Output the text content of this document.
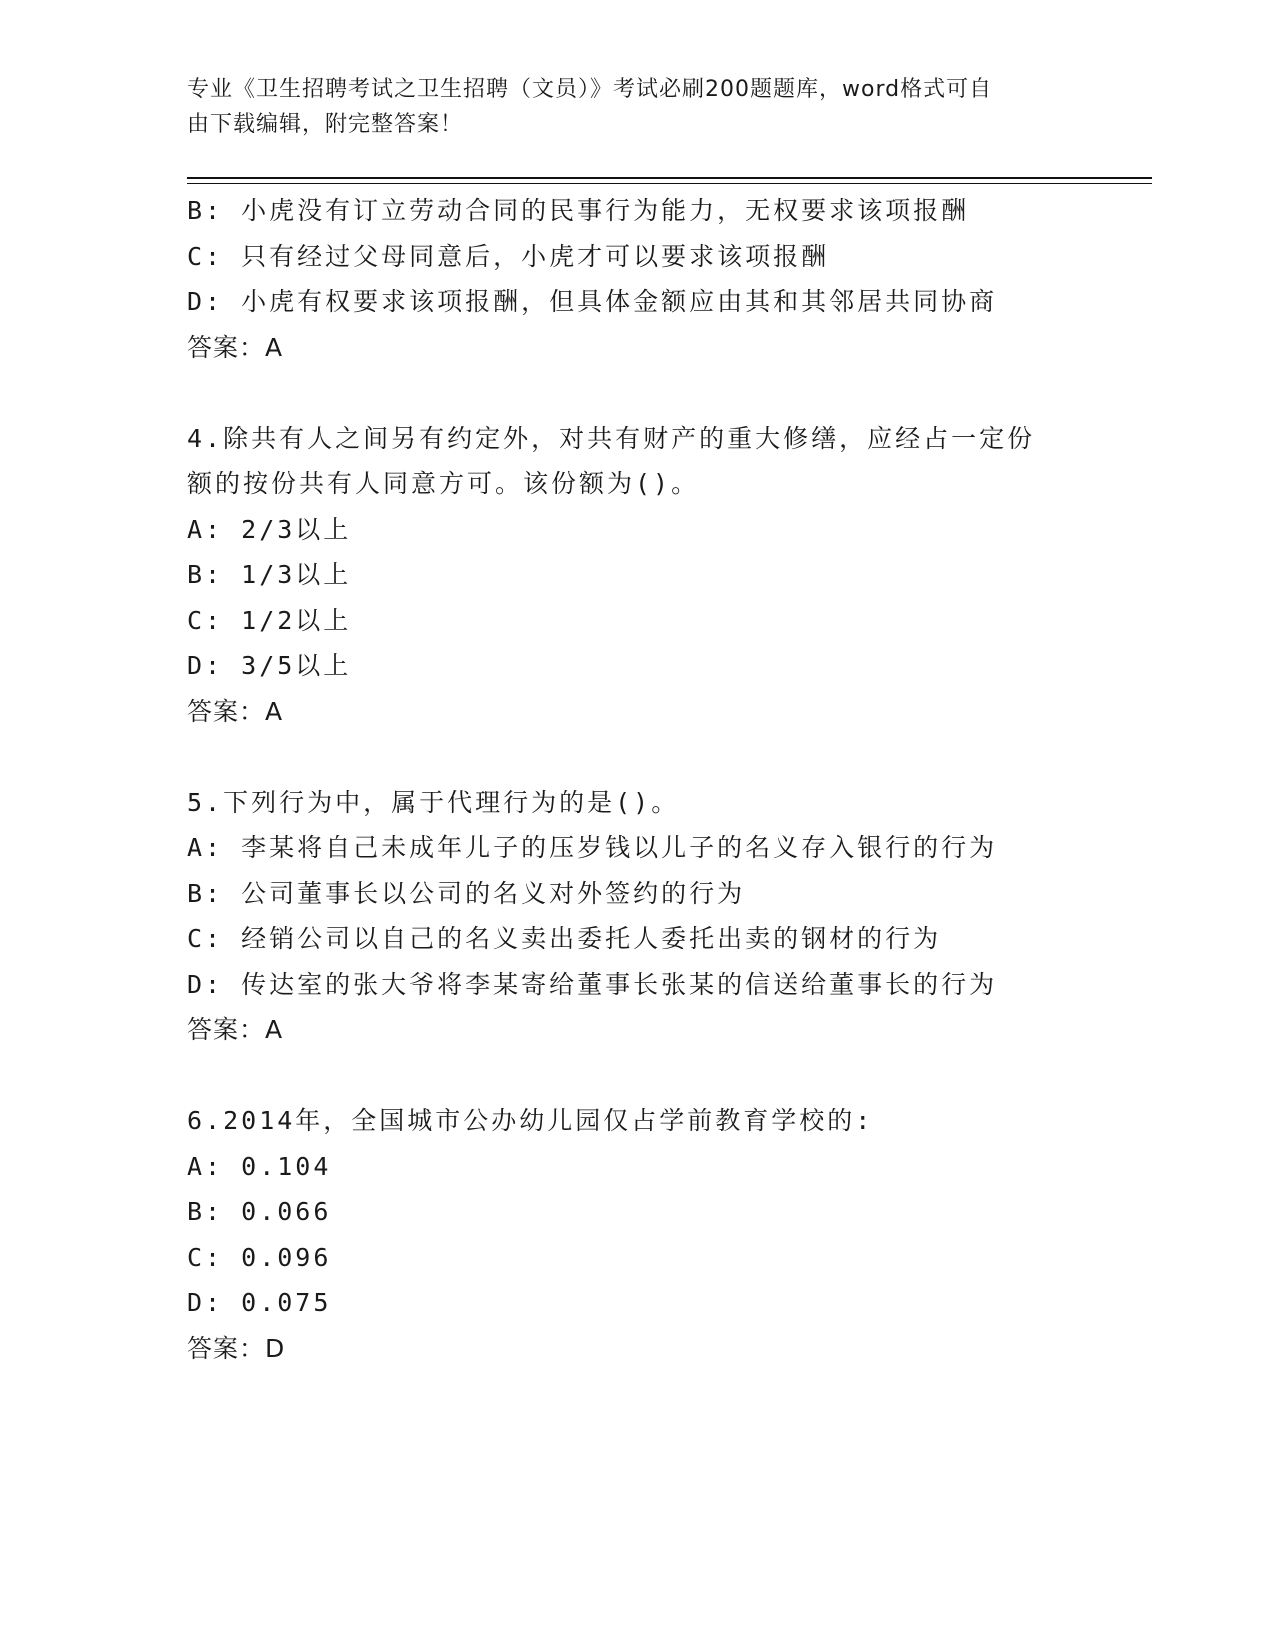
专业《卫生招聘考试之卫生招聘（文员）》考试必刷200题题库，word格式可自
由下载编辑，附完整答案！
B: 小虎没有订立劳动合同的民事行为能力，无权要求该项报酬
C: 只有经过父母同意后，小虎才可以要求该项报酬
D: 小虎有权要求该项报酬，但具体金额应由其和其邻居共同协商
答案：A
4.除共有人之间另有约定外，对共有财产的重大修缮，应经占一定份
额的按份共有人同意方可。该份额为()。
A: 2/3以上
B: 1/3以上
C: 1/2以上
D: 3/5以上
答案：A
5.下列行为中，属于代理行为的是()。
A: 李某将自己未成年儿子的压岁钱以儿子的名义存入银行的行为
B: 公司董事长以公司的名义对外签约的行为
C: 经销公司以自己的名义卖出委托人委托出卖的钢材的行为
D: 传达室的张大爷将李某寄给董事长张某的信送给董事长的行为
答案：A
6.2014年，全国城市公办幼儿园仅占学前教育学校的:
A: 0.104
B: 0.066
C: 0.096
D: 0.075
答案：D
